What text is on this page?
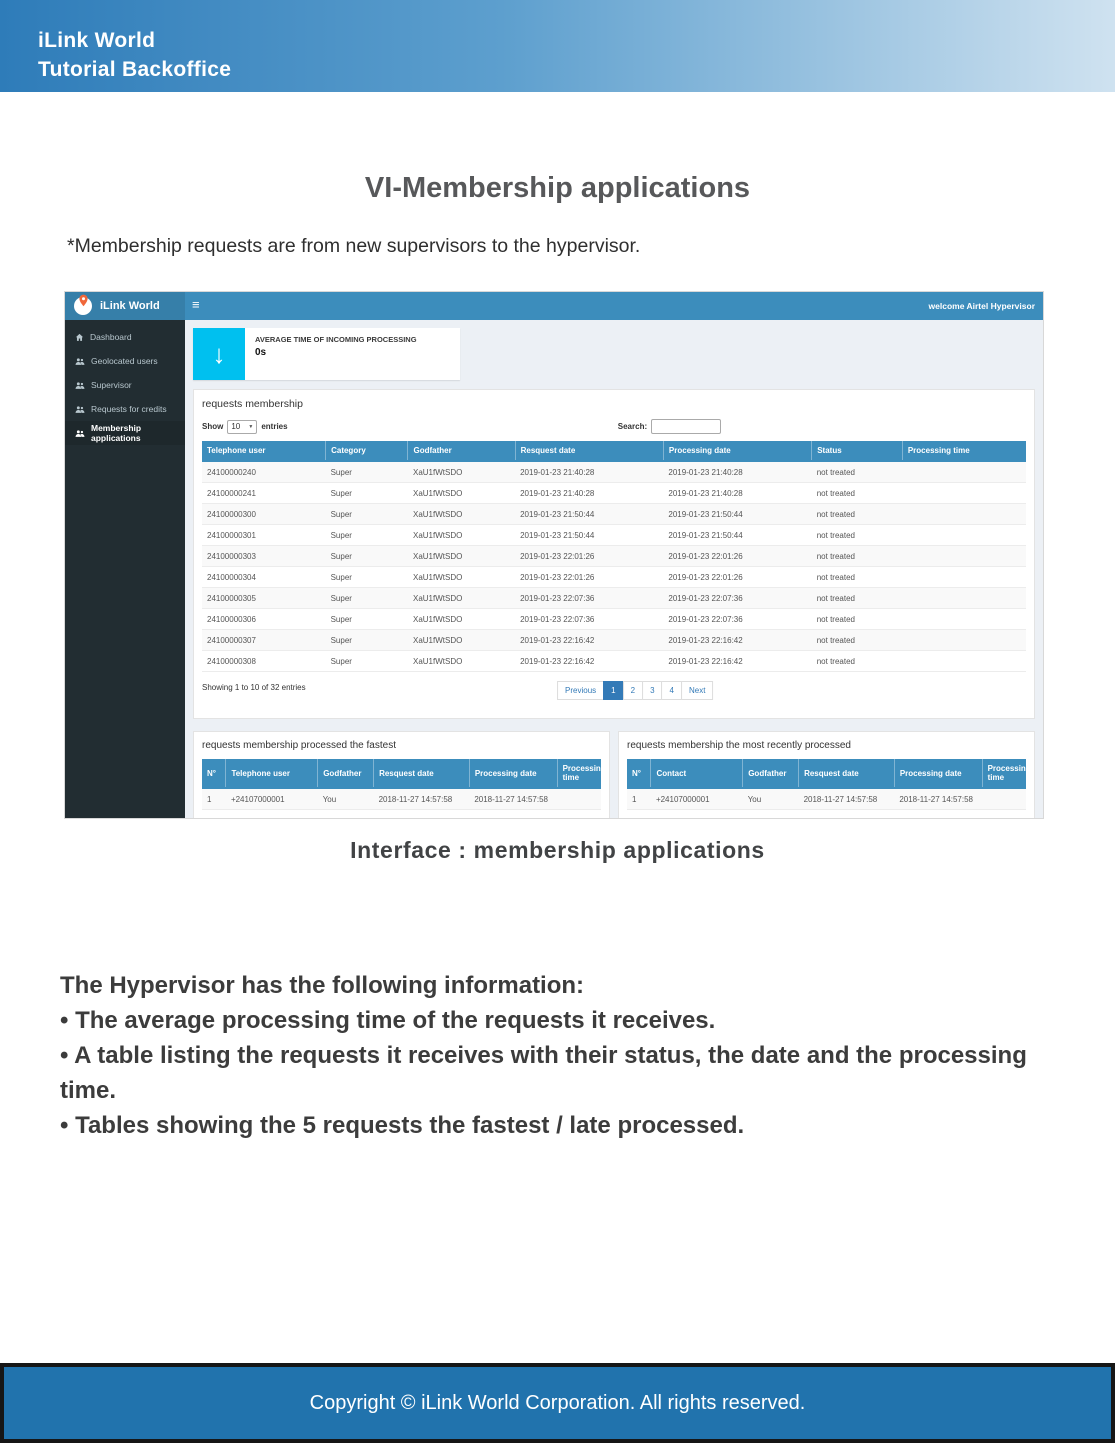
iLink World
Tutorial Backoffice
VI-Membership applications

*Membership requests are from new supervisors to the hypervisor.

iLink World	≡	welcome Airtel Hypervisor
Dashboard
Geolocated users
Supervisor
Requests for credits
Membership applications
↓	AVERAGE TIME OF INCOMING PROCESSING
0s
requests membership
Show 10 ▼ entries	Search:
Telephone user	Category	Godfather	Resquest date	Processing date	Status	Processing time
24100000240	Super	XaU1fWtSDO	2019-01-23 21:40:28	2019-01-23 21:40:28	not treated	
24100000241	Super	XaU1fWtSDO	2019-01-23 21:40:28	2019-01-23 21:40:28	not treated	
24100000300	Super	XaU1fWtSDO	2019-01-23 21:50:44	2019-01-23 21:50:44	not treated	
24100000301	Super	XaU1fWtSDO	2019-01-23 21:50:44	2019-01-23 21:50:44	not treated	
24100000303	Super	XaU1fWtSDO	2019-01-23 22:01:26	2019-01-23 22:01:26	not treated	
24100000304	Super	XaU1fWtSDO	2019-01-23 22:01:26	2019-01-23 22:01:26	not treated	
24100000305	Super	XaU1fWtSDO	2019-01-23 22:07:36	2019-01-23 22:07:36	not treated	
24100000306	Super	XaU1fWtSDO	2019-01-23 22:07:36	2019-01-23 22:07:36	not treated	
24100000307	Super	XaU1fWtSDO	2019-01-23 22:16:42	2019-01-23 22:16:42	not treated	
24100000308	Super	XaU1fWtSDO	2019-01-23 22:16:42	2019-01-23 22:16:42	not treated	
Showing 1 to 10 of 32 entries	Previous	1	2	3	4	Next
requests membership processed the fastest
N°	Telephone user	Godfather	Resquest date	Processing date	Processing time
1	+24107000001	You	2018-11-27 14:57:58	2018-11-27 14:57:58	
requests membership the most recently processed
N°	Contact	Godfather	Resquest date	Processing date	Processing time
1	+24107000001	You	2018-11-27 14:57:58	2018-11-27 14:57:58	
Interface : membership applications
The Hypervisor has the following information:
• The average processing time of the requests it receives.
• A table listing the requests it receives with their status, the date and the processing time.
• Tables showing the 5 requests the fastest / late processed.
Copyright © iLink World Corporation. All rights reserved.
